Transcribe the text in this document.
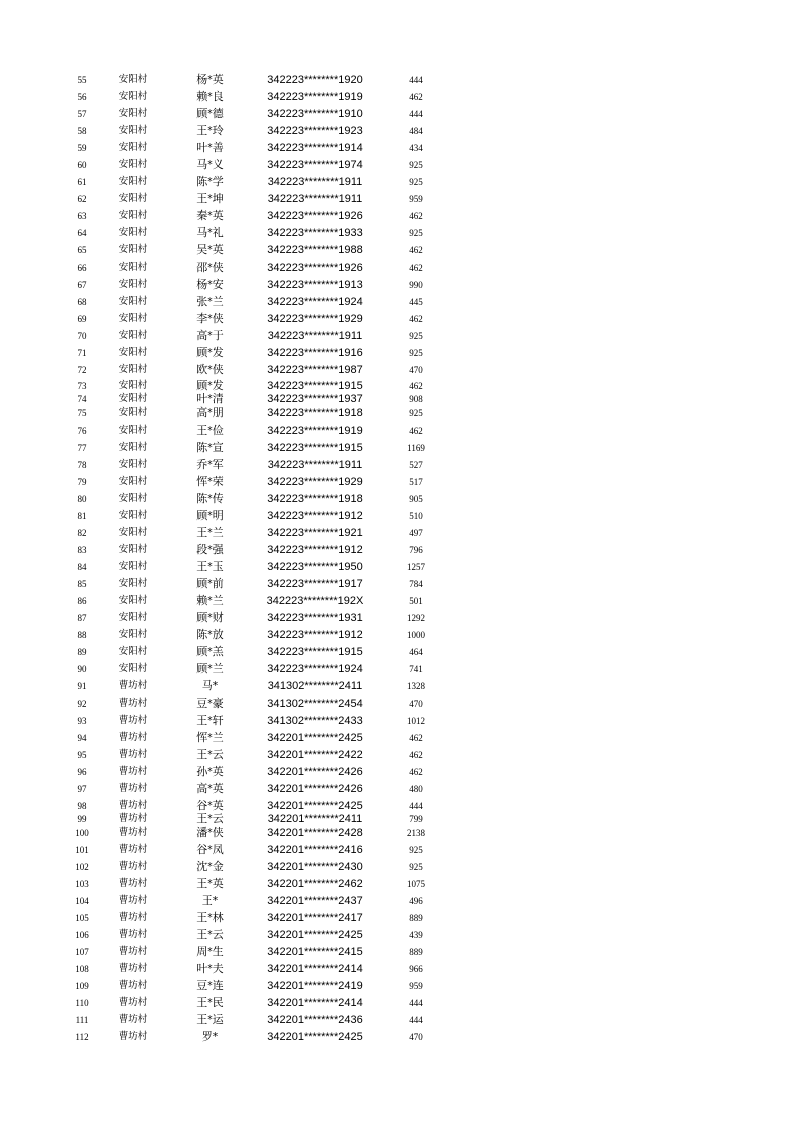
55	安阳村	杨*英	342223********1920	444
56	安阳村	赖*良	342223********1919	462
57	安阳村	顾*德	342223********1910	444
58	安阳村	王*玲	342223********1923	484
59	安阳村	叶*善	342223********1914	434
60	安阳村	马*义	342223********1974	925
61	安阳村	陈*学	342223********1911	925
62	安阳村	王*坤	342223********1911	959
63	安阳村	秦*英	342223********1926	462
64	安阳村	马*礼	342223********1933	925
65	安阳村	吴*英	342223********1988	462
66	安阳村	邵*侠	342223********1926	462
67	安阳村	杨*安	342223********1913	990
68	安阳村	张*兰	342223********1924	445
69	安阳村	李*侠	342223********1929	462
70	安阳村	高*于	342223********1911	925
71	安阳村	顾*发	342223********1916	925
72	安阳村	欧*侠	342223********1987	470
73	安阳村	顾*发	342223********1915	462
74	安阳村	叶*清	342223********1937	908
75	安阳村	高*朋	342223********1918	925
76	安阳村	王*俭	342223********1919	462
77	安阳村	陈*宣	342223********1915	1169
78	安阳村	乔*军	342223********1911	527
79	安阳村	恽*荣	342223********1929	517
80	安阳村	陈*传	342223********1918	905
81	安阳村	顾*明	342223********1912	510
82	安阳村	王*兰	342223********1921	497
83	安阳村	段*强	342223********1912	796
84	安阳村	王*玉	342223********1950	1257
85	安阳村	顾*前	342223********1917	784
86	安阳村	赖*兰	342223********192X	501
87	安阳村	顾*财	342223********1931	1292
88	安阳村	陈*放	342223********1912	1000
89	安阳村	顾*羔	342223********1915	464
90	安阳村	顾*兰	342223********1924	741
91	曹坊村	马*	341302********2411	1328
92	曹坊村	豆*豪	341302********2454	470
93	曹坊村	王*轩	341302********2433	1012
94	曹坊村	恽*兰	342201********2425	462
95	曹坊村	王*云	342201********2422	462
96	曹坊村	孙*英	342201********2426	462
97	曹坊村	高*英	342201********2426	480
98	曹坊村	谷*英	342201********2425	444
99	曹坊村	王*云	342201********2411	799
100	曹坊村	潘*侠	342201********2428	2138
101	曹坊村	谷*凤	342201********2416	925
102	曹坊村	沈*金	342201********2430	925
103	曹坊村	王*英	342201********2462	1075
104	曹坊村	王*	342201********2437	496
105	曹坊村	王*林	342201********2417	889
106	曹坊村	王*云	342201********2425	439
107	曹坊村	周*生	342201********2415	889
108	曹坊村	叶*夫	342201********2414	966
109	曹坊村	豆*连	342201********2419	959
110	曹坊村	王*民	342201********2414	444
111	曹坊村	王*运	342201********2436	444
112	曹坊村	罗*	342201********2425	470
